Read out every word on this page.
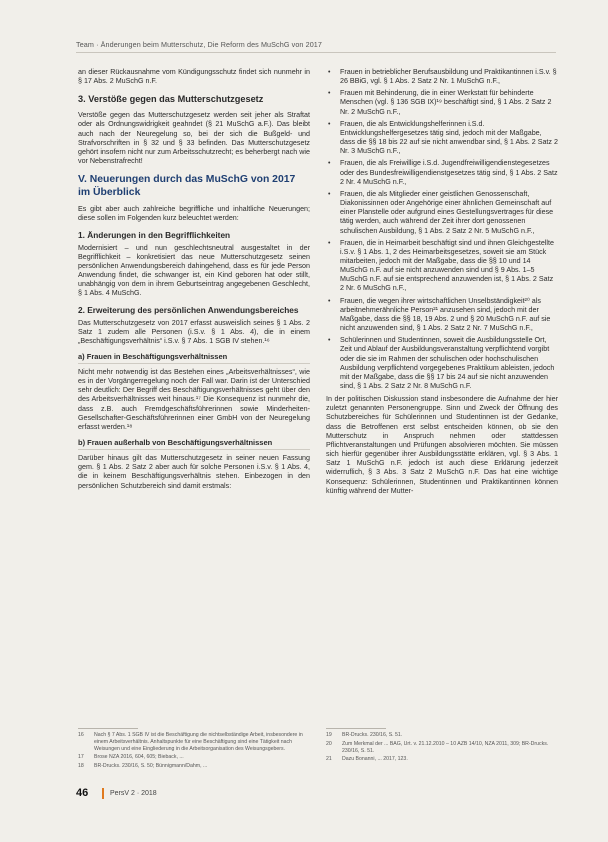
Team · Änderungen beim Mutterschutz, Die Reform des MuSchG von 2017

an dieser Rückausnahme vom Kündigungsschutz findet sich nunmehr in § 17 Abs. 2 MuSchG n.F.

3. Verstöße gegen das Mutterschutzgesetz

Verstöße gegen das Mutterschutzgesetz werden seit jeher als Straftat oder als Ordnungswidrigkeit geahndet (§ 21 MuSchG a.F.). Das bleibt auch nach der Neuregelung so, bei der sich die Bußgeld- und Strafvorschriften in § 32 und § 33 befinden. Das Mutterschutzgesetz gehört insofern nicht nur zum Arbeitsschutzrecht; es beherbergt nach wie vor Nebenstrafrecht!

V. Neuerungen durch das MuSchG von 2017 im Überblick

Es gibt aber auch zahlreiche begriffliche und inhaltliche Neuerungen; diese sollen im Folgenden kurz beleuchtet werden:

1. Änderungen in den Begrifflichkeiten

Modernisiert – und nun geschlechtsneutral ausgestaltet in der Begrifflichkeit – konkretisiert das neue Mutterschutzgesetz seinen persönlichen Anwendungsbereich dahingehend, dass es für jede Person Anwendung findet, die schwanger ist, ein Kind geboren hat oder stillt, unabhängig von dem in ihrem Geburtseintrag angegebenen Geschlecht, § 1 Abs. 4 MuSchG.

2. Erweiterung des persönlichen Anwendungsbereiches

Das Mutterschutzgesetz von 2017 erfasst ausweislich seines § 1 Abs. 2 Satz 1 zudem alle Personen (i.S.v. § 1 Abs. 4), die in einem „Beschäftigungsverhältnis“ i.S.v. § 7 Abs. 1 SGB IV stehen.¹⁶

a) Frauen in Beschäftigungsverhältnissen

Nicht mehr notwendig ist das Bestehen eines „Arbeitsverhältnisses“, wie es in der Vorgängerregelung noch der Fall war. Darin ist der Unterschied sehr deutlich: Der Begriff des Beschäftigungsverhältnisses geht über den des Arbeitsverhältnisses weit hinaus.¹⁷ Die Konsequenz ist nunmehr die, dass z.B. auch Fremdgeschäftsführerinnen sowie Minderheiten-Gesellschafter-Geschäftsführerinnen einer GmbH von der Neuregelung erfasst werden.¹⁸

b) Frauen außerhalb von Beschäftigungsverhältnissen

Darüber hinaus gilt das Mutterschutzgesetz in seiner neuen Fassung gem. § 1 Abs. 2 Satz 2 aber auch für solche Personen i.S.v. § 1 Abs. 4, die in keinem Beschäftigungsverhältnis stehen. Einbezogen in den persönlichen Schutzbereich sind damit erstmals:

• Frauen in betrieblicher Berufsausbildung und Praktikantinnen i.S.v. § 26 BBiG, vgl. § 1 Abs. 2 Satz 2 Nr. 1 MuSchG n.F.,
• Frauen mit Behinderung, die in einer Werkstatt für behinderte Menschen (vgl. § 136 SGB IX)¹⁹ beschäftigt sind, § 1 Abs. 2 Satz 2 Nr. 2 MuSchG n.F.,
• Frauen, die als Entwicklungshelferinnen i.S.d. Entwicklungshelfergesetzes tätig sind, jedoch mit der Maßgabe, dass die §§ 18 bis 22 auf sie nicht anwendbar sind, § 1 Abs. 2 Satz 2 Nr. 3 MuSchG n.F.,
• Frauen, die als Freiwillige i.S.d. Jugendfreiwilligendienstegesetzes oder des Bundesfreiwilligendienstgesetzes tätig sind, § 1 Abs. 2 Satz 2 Nr. 4 MuSchG n.F.,
• Frauen, die als Mitglieder einer geistlichen Genossenschaft, Diakonissinnen oder Angehörige einer ähnlichen Gemeinschaft auf einer Planstelle oder aufgrund eines Gestellungsvertrages für diese tätig werden, auch während der Zeit ihrer dort genossenen schulischen Ausbildung, § 1 Abs. 2 Satz 2 Nr. 5 MuSchG n.F.,
• Frauen, die in Heimarbeit beschäftigt sind und ihnen Gleichgestellte i.S.v. § 1 Abs. 1, 2 des Heimarbeitsgesetzes, soweit sie am Stück mitarbeiten, jedoch mit der Maßgabe, dass die §§ 10 und 14 MuSchG n.F. auf sie nicht anzuwenden sind und § 9 Abs. 1–5 MuSchG n.F. auf sie entsprechend anzuwenden ist, § 1 Abs. 2 Satz 2 Nr. 6 MuSchG n.F.,
• Frauen, die wegen ihrer wirtschaftlichen Unselbständigkeit²⁰ als arbeitnehmerähnliche Person²¹ anzusehen sind, jedoch mit der Maßgabe, dass die §§ 18, 19 Abs. 2 und § 20 MuSchG n.F. auf sie nicht anzuwenden sind, § 1 Abs. 2 Satz 2 Nr. 7 MuSchG n.F.,
• Schülerinnen und Studentinnen, soweit die Ausbildungsstelle Ort, Zeit und Ablauf der Ausbildungsveranstaltung verpflichtend vorgibt oder die sie im Rahmen der schulischen oder hochschulischen Ausbildung verpflichtend vorgegebenes Praktikum ableisten, jedoch mit der Maßgabe, dass die §§ 17 bis 24 auf sie nicht anzuwenden sind, § 1 Abs. 2 Satz 2 Nr. 8 MuSchG n.F.

In der politischen Diskussion stand insbesondere die Aufnahme der hier zuletzt genannten Personengruppe. Sinn und Zweck der Öffnung des Schutzbereiches für Schülerinnen und Studentinnen ist der Gedanke, dass die Betroffenen erst selbst entscheiden können, ob sie den Mutterschutz in Anspruch nehmen oder stattdessen Pflichtveranstaltungen und Prüfungen absolvieren möchten. Sie müssen sich hierfür gegenüber ihrer Ausbildungsstätte erklären, vgl. § 3 Abs. 1 Satz 1 MuSchG n.F. jedoch ist auch diese Erklärung jederzeit widerruflich, § 3 Abs. 3 Satz 2 MuSchG n.F. Das hat eine wichtige Konsequenz: Schülerinnen, Studentinnen und Praktikantinnen können künftig während der Mutter-

16	Nach § 7 Abs. 1 SGB IV ist die Beschäftigung die nichtselbständige Arbeit, insbesondere in einem Arbeitsverhältnis. Anhaltspunkte für eine Beschäftigung sind eine Tätigkeit nach Weisungen und eine Eingliederung in die Arbeitsorganisation des Weisungsgebers.
17	Brose NZA 2016, 604, 605; Bieback, ...
18	BR-Drucks. 230/16, S. 50; Bünnigmann/Dahm, ...
19	BR-Drucks. 230/16, S. 51.
20	Zum Merkmal der ... BAG, Urt. v. 21.12.2010 – 10 AZB 14/10, NZA 2011, 309; BR-Drucks. 230/16, S. 51.
21	Dazu Bonanni, ... 2017, 123.
46	PersV 2 · 2018
